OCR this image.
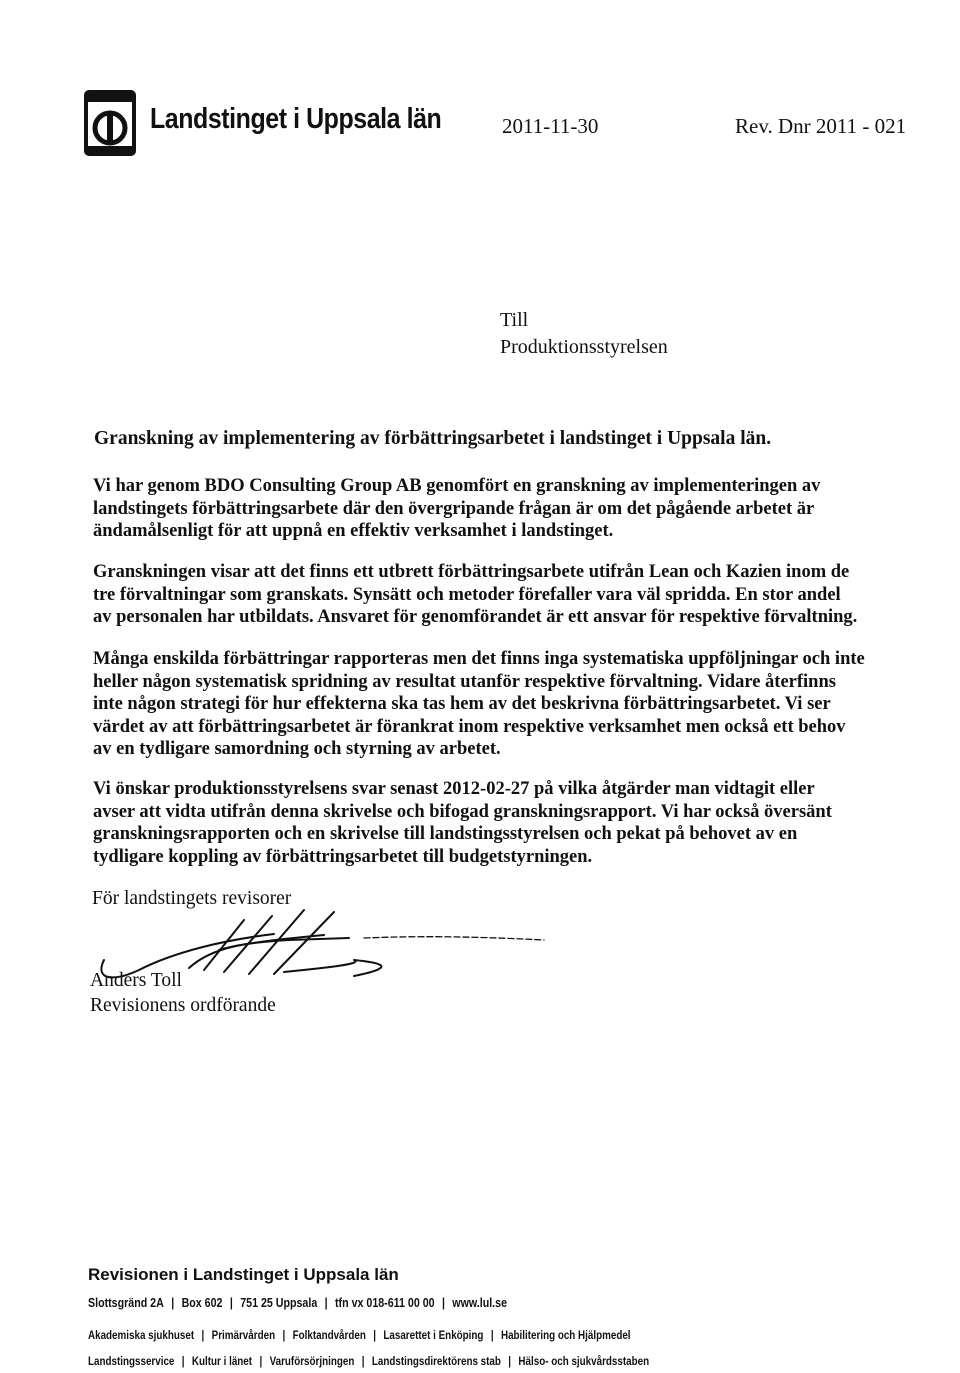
Landstinget i Uppsala län	2011-11-30	Rev. Dnr 2011 - 021
Till
Produktionsstyrelsen
Granskning av implementering av förbättringsarbetet i landstinget i Uppsala län.
Vi har genom BDO Consulting Group AB genomfört en granskning av implementeringen av
landstingets förbättringsarbete där den övergripande frågan är om det pågående arbetet är
ändamålsenligt för att uppnå en effektiv verksamhet i landstinget.
Granskningen visar att det finns ett utbrett förbättringsarbete utifrån Lean och Kazien inom de
tre förvaltningar som granskats. Synsätt och metoder förefaller vara väl spridda. En stor andel
av personalen har utbildats. Ansvaret för genomförandet är ett ansvar för respektive förvaltning.
Många enskilda förbättringar rapporteras men det finns inga systematiska uppföljningar och inte
heller någon systematisk spridning av resultat utanför respektive förvaltning. Vidare återfinns
inte någon strategi för hur effekterna ska tas hem av det beskrivna förbättringsarbetet. Vi ser
värdet av att förbättringsarbetet är förankrat inom respektive verksamhet men också ett behov
av en tydligare samordning och styrning av arbetet.
Vi önskar produktionsstyrelsens svar senast 2012-02-27 på vilka åtgärder man vidtagit eller
avser att vidta utifrån denna skrivelse och bifogad granskningsrapport. Vi har också översänt
granskningsrapporten och en skrivelse till landstingsstyrelsen och pekat på behovet av en
tydligare koppling av förbättringsarbetet till budgetstyrningen.
För landstingets revisorer
Anders Toll
Revisionens ordförande
Revisionen i Landstinget i Uppsala län
Slottsgränd 2A | Box 602 | 751 25 Uppsala | tfn vx 018-611 00 00 | www.lul.se
Akademiska sjukhuset | Primärvården | Folktandvården | Lasarettet i Enköping | Habilitering och Hjälpmedel
Landstingsservice | Kultur i länet | Varuförsörjningen | Landstingsdirektörens stab | Hälso- och sjukvårdsstaben
